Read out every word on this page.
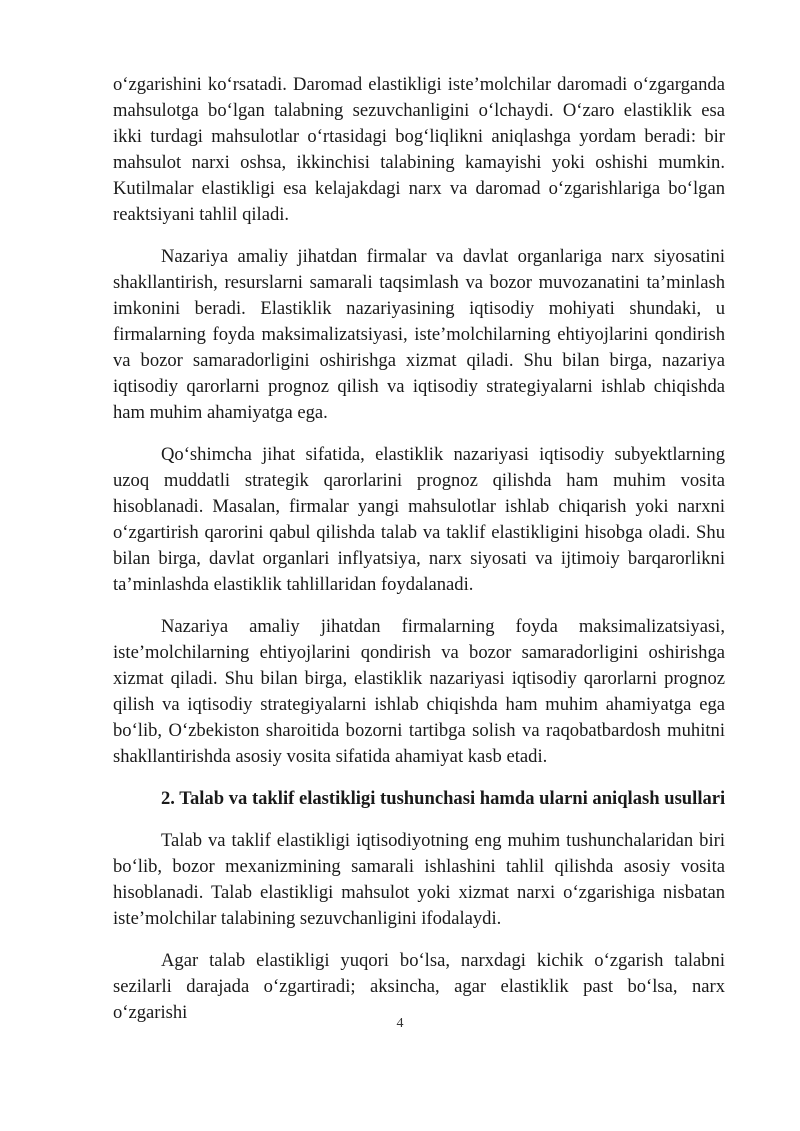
o‘zgarishini ko‘rsatadi. Daromad elastikligi iste’molchilar daromadi o‘zgarganda mahsulotga bo‘lgan talabning sezuvchanligini o‘lchaydi. O‘zaro elastiklik esa ikki turdagi mahsulotlar o‘rtasidagi bog‘liqlikni aniqlashga yordam beradi: bir mahsulot narxi oshsa, ikkinchisi talabining kamayishi yoki oshishi mumkin. Kutilmalar elastikligi esa kelajakdagi narx va daromad o‘zgarishlariga bo‘lgan reaktsiyani tahlil qiladi.

Nazariya amaliy jihatdan firmalar va davlat organlariga narx siyosatini shakllantirish, resurslarni samarali taqsimlash va bozor muvozanatini ta’minlash imkonini beradi. Elastiklik nazariyasining iqtisodiy mohiyati shundaki, u firmalarning foyda maksimalizatsiyasi, iste’molchilarning ehtiyojlarini qondirish va bozor samaradorligini oshirishga xizmat qiladi. Shu bilan birga, nazariya iqtisodiy qarorlarni prognoz qilish va iqtisodiy strategiyalarni ishlab chiqishda ham muhim ahamiyatga ega.

Qo‘shimcha jihat sifatida, elastiklik nazariyasi iqtisodiy subyektlarning uzoq muddatli strategik qarorlarini prognoz qilishda ham muhim vosita hisoblanadi. Masalan, firmalar yangi mahsulotlar ishlab chiqarish yoki narxni o‘zgartirish qarorini qabul qilishda talab va taklif elastikligini hisobga oladi. Shu bilan birga, davlat organlari inflyatsiya, narx siyosati va ijtimoiy barqarorlikni ta’minlashda elastiklik tahlillaridan foydalanadi.

Nazariya amaliy jihatdan firmalarning foyda maksimalizatsiyasi, iste’molchilarning ehtiyojlarini qondirish va bozor samaradorligini oshirishga xizmat qiladi. Shu bilan birga, elastiklik nazariyasi iqtisodiy qarorlarni prognoz qilish va iqtisodiy strategiyalarni ishlab chiqishda ham muhim ahamiyatga ega bo‘lib, O‘zbekiston sharoitida bozorni tartibga solish va raqobatbardosh muhitni shakllantirishda asosiy vosita sifatida ahamiyat kasb etadi.

2. Talab va taklif elastikligi tushunchasi hamda ularni aniqlash usullari

Talab va taklif elastikligi iqtisodiyotning eng muhim tushunchalaridan biri bo‘lib, bozor mexanizmining samarali ishlashini tahlil qilishda asosiy vosita hisoblanadi. Talab elastikligi mahsulot yoki xizmat narxi o‘zgarishiga nisbatan iste’molchilar talabining sezuvchanligini ifodalaydi.

Agar talab elastikligi yuqori bo‘lsa, narxdagi kichik o‘zgarish talabni sezilarli darajada o‘zgartiradi; aksincha, agar elastiklik past bo‘lsa, narx o‘zgarishi

4
